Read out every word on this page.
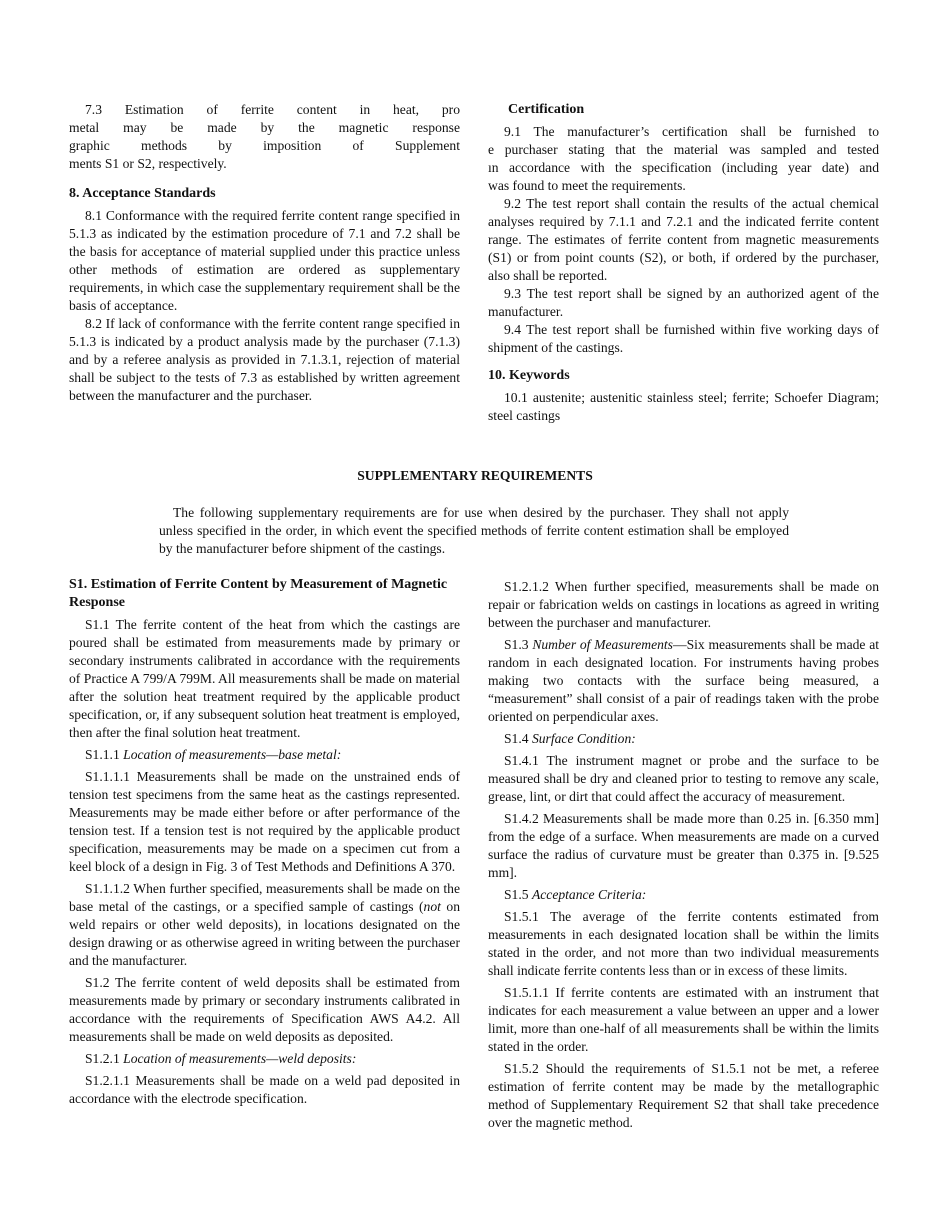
7.3 Estimation of ferrite content in heat, pro
metal may be made by the magnetic response
graphic methods by imposition of Supplement
ments S1 or S2, respectively.

8. Acceptance Standards

8.1 Conformance with the required ferrite content range specified in 5.1.3 as indicated by the estimation procedure of 7.1 and 7.2 shall be the basis for acceptance of material supplied under this practice unless other methods of estimation are ordered as supplementary requirements, in which case the supplementary requirement shall be the basis of acceptance.

8.2 If lack of conformance with the ferrite content range specified in 5.1.3 is indicated by a product analysis made by the purchaser (7.1.3) and by a referee analysis as provided in 7.1.3.1, rejection of material shall be subject to the tests of 7.3 as established by written agreement between the manufacturer and the purchaser.

Certification

9.1 The manufacturer’s certification shall be furnished to
e purchaser stating that the material was sampled and tested
ın accordance with the specification (including year date) and
was found to meet the requirements.

9.2 The test report shall contain the results of the actual chemical analyses required by 7.1.1 and 7.2.1 and the indicated ferrite content range. The estimates of ferrite content from magnetic measurements (S1) or from point counts (S2), or both, if ordered by the purchaser, also shall be reported.

9.3 The test report shall be signed by an authorized agent of the manufacturer.

9.4 The test report shall be furnished within five working days of shipment of the castings.

10. Keywords

10.1 austenite; austenitic stainless steel; ferrite; Schoefer Diagram; steel castings

SUPPLEMENTARY REQUIREMENTS

The following supplementary requirements are for use when desired by the purchaser. They shall not apply unless specified in the order, in which event the specified methods of ferrite content estimation shall be employed by the manufacturer before shipment of the castings.

S1. Estimation of Ferrite Content by Measurement of Magnetic Response

S1.1 The ferrite content of the heat from which the castings are poured shall be estimated from measurements made by primary or secondary instruments calibrated in accordance with the requirements of Practice A 799/A 799M. All measurements shall be made on material after the solution heat treatment required by the applicable product specification, or, if any subsequent solution heat treatment is employed, then after the final solution heat treatment.

S1.1.1 Location of measurements—base metal:

S1.1.1.1 Measurements shall be made on the unstrained ends of tension test specimens from the same heat as the castings represented. Measurements may be made either before or after performance of the tension test. If a tension test is not required by the applicable product specification, measurements may be made on a specimen cut from a keel block of a design in Fig. 3 of Test Methods and Definitions A 370.

S1.1.1.2 When further specified, measurements shall be made on the base metal of the castings, or a specified sample of castings (not on weld repairs or other weld deposits), in locations designated on the design drawing or as otherwise agreed in writing between the purchaser and the manufacturer.

S1.2 The ferrite content of weld deposits shall be estimated from measurements made by primary or secondary instruments calibrated in accordance with the requirements of Specification AWS A4.2. All measurements shall be made on weld deposits as deposited.

S1.2.1 Location of measurements—weld deposits:

S1.2.1.1 Measurements shall be made on a weld pad deposited in accordance with the electrode specification.

S1.2.1.2 When further specified, measurements shall be made on repair or fabrication welds on castings in locations as agreed in writing between the purchaser and manufacturer.

S1.3 Number of Measurements—Six measurements shall be made at random in each designated location. For instruments having probes making two contacts with the surface being measured, a “measurement” shall consist of a pair of readings taken with the probe oriented on perpendicular axes.

S1.4 Surface Condition:

S1.4.1 The instrument magnet or probe and the surface to be measured shall be dry and cleaned prior to testing to remove any scale, grease, lint, or dirt that could affect the accuracy of measurement.

S1.4.2 Measurements shall be made more than 0.25 in. [6.350 mm] from the edge of a surface. When measurements are made on a curved surface the radius of curvature must be greater than 0.375 in. [9.525 mm].

S1.5 Acceptance Criteria:

S1.5.1 The average of the ferrite contents estimated from measurements in each designated location shall be within the limits stated in the order, and not more than two individual measurements shall indicate ferrite contents less than or in excess of these limits.

S1.5.1.1 If ferrite contents are estimated with an instrument that indicates for each measurement a value between an upper and a lower limit, more than one-half of all measurements shall be within the limits stated in the order.

S1.5.2 Should the requirements of S1.5.1 not be met, a referee estimation of ferrite content may be made by the metallographic method of Supplementary Requirement S2 that shall take precedence over the magnetic method.
